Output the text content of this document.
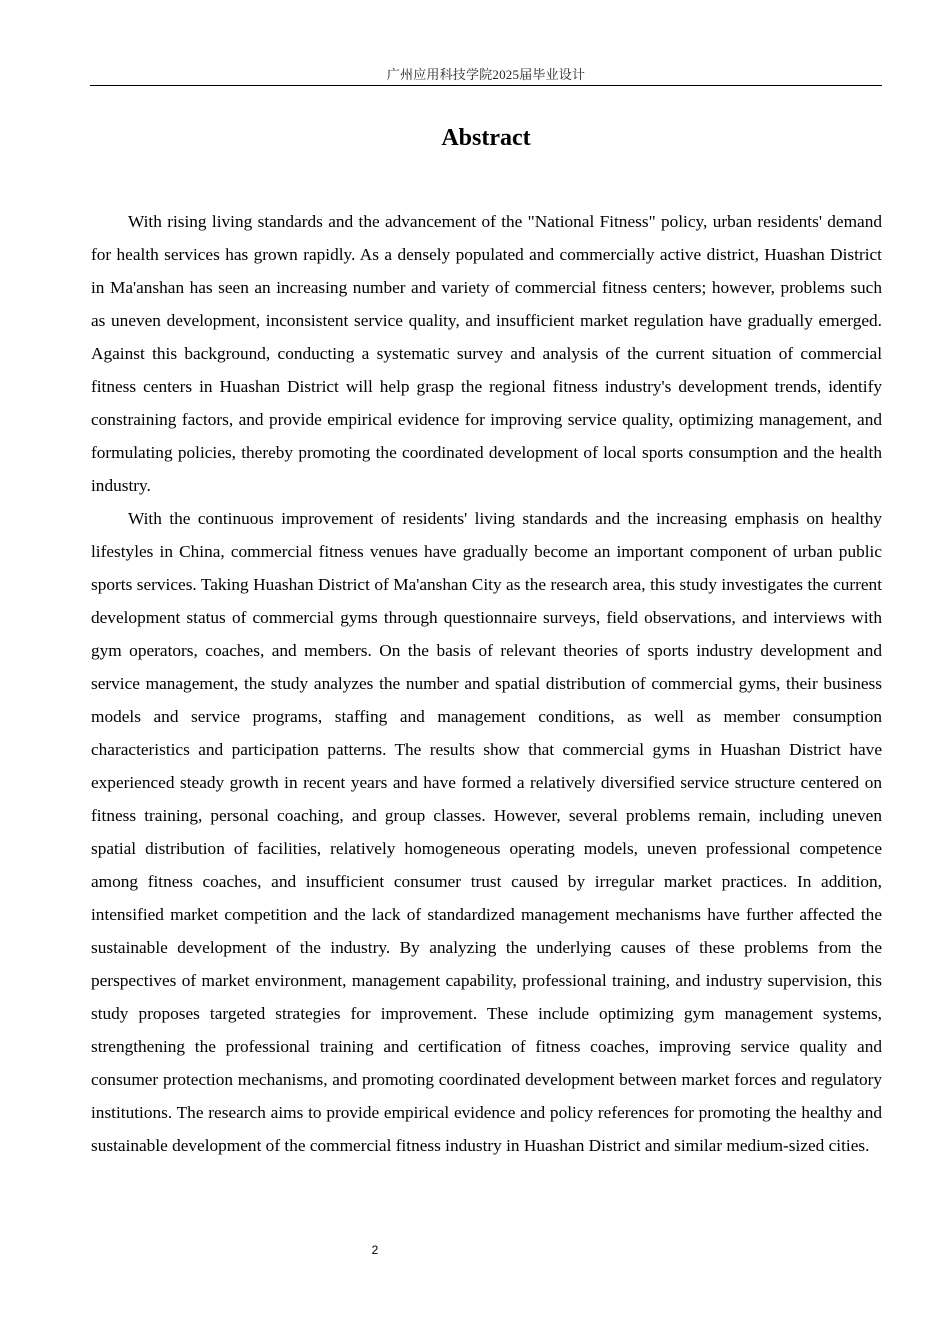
广州应用科技学院2025届毕业设计
Abstract

With rising living standards and the advancement of the "National Fitness" policy, urban residents' demand for health services has grown rapidly. As a densely populated and commercially active district, Huashan District in Ma'anshan has seen an increasing number and variety of commercial fitness centers; however, problems such as uneven development, inconsistent service quality, and insufficient market regulation have gradually emerged. Against this background, conducting a systematic survey and analysis of the current situation of commercial fitness centers in Huashan District will help grasp the regional fitness industry's development trends, identify constraining factors, and provide empirical evidence for improving service quality, optimizing management, and formulating policies, thereby promoting the coordinated development of local sports consumption and the health industry.

With the continuous improvement of residents' living standards and the increasing emphasis on healthy lifestyles in China, commercial fitness venues have gradually become an important component of urban public sports services. Taking Huashan District of Ma'anshan City as the research area, this study investigates the current development status of commercial gyms through questionnaire surveys, field observations, and interviews with gym operators, coaches, and members. On the basis of relevant theories of sports industry development and service management, the study analyzes the number and spatial distribution of commercial gyms, their business models and service programs, staffing and management conditions, as well as member consumption characteristics and participation patterns. The results show that commercial gyms in Huashan District have experienced steady growth in recent years and have formed a relatively diversified service structure centered on fitness training, personal coaching, and group classes. However, several problems remain, including uneven spatial distribution of facilities, relatively homogeneous operating models, uneven professional competence among fitness coaches, and insufficient consumer trust caused by irregular market practices. In addition, intensified market competition and the lack of standardized management mechanisms have further affected the sustainable development of the industry. By analyzing the underlying causes of these problems from the perspectives of market environment, management capability, professional training, and industry supervision, this study proposes targeted strategies for improvement. These include optimizing gym management systems, strengthening the professional training and certification of fitness coaches, improving service quality and consumer protection mechanisms, and promoting coordinated development between market forces and regulatory institutions. The research aims to provide empirical evidence and policy references for promoting the healthy and sustainable development of the commercial fitness industry in Huashan District and similar medium-sized cities.

2
